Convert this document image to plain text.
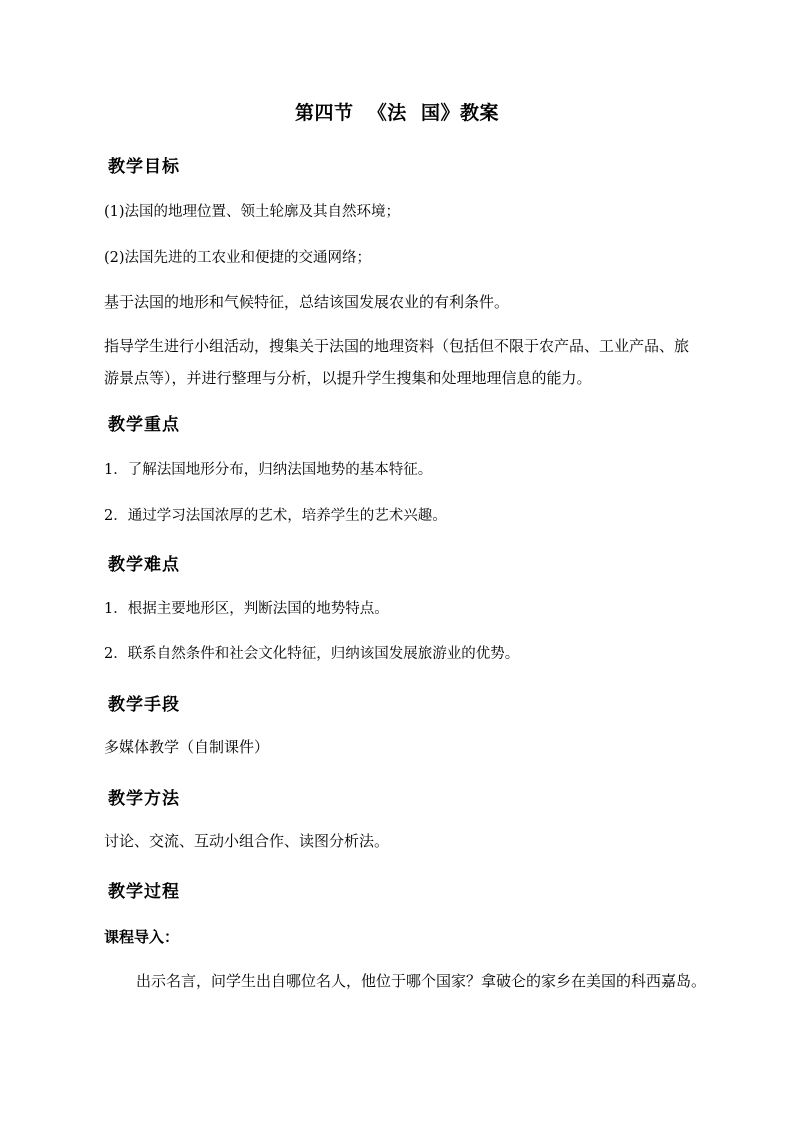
第四节  《法  国》教案
教学目标
(1)法国的地理位置、领土轮廓及其自然环境；
(2)法国先进的工农业和便捷的交通网络；
基于法国的地形和气候特征，总结该国发展农业的有利条件。
指导学生进行小组活动，搜集关于法国的地理资料（包括但不限于农产品、工业产品、旅
游景点等），并进行整理与分析，以提升学生搜集和处理地理信息的能力。
教学重点
1．了解法国地形分布，归纳法国地势的基本特征。
2．通过学习法国浓厚的艺术，培养学生的艺术兴趣。
教学难点
1．根据主要地形区，判断法国的地势特点。
2．联系自然条件和社会文化特征，归纳该国发展旅游业的优势。
教学手段
多媒体教学（自制课件）
教学方法
讨论、交流、互动小组合作、读图分析法。
教学过程
课程导入：
出示名言，问学生出自哪位名人，他位于哪个国家？拿破仑的家乡在美国的科西嘉岛。
